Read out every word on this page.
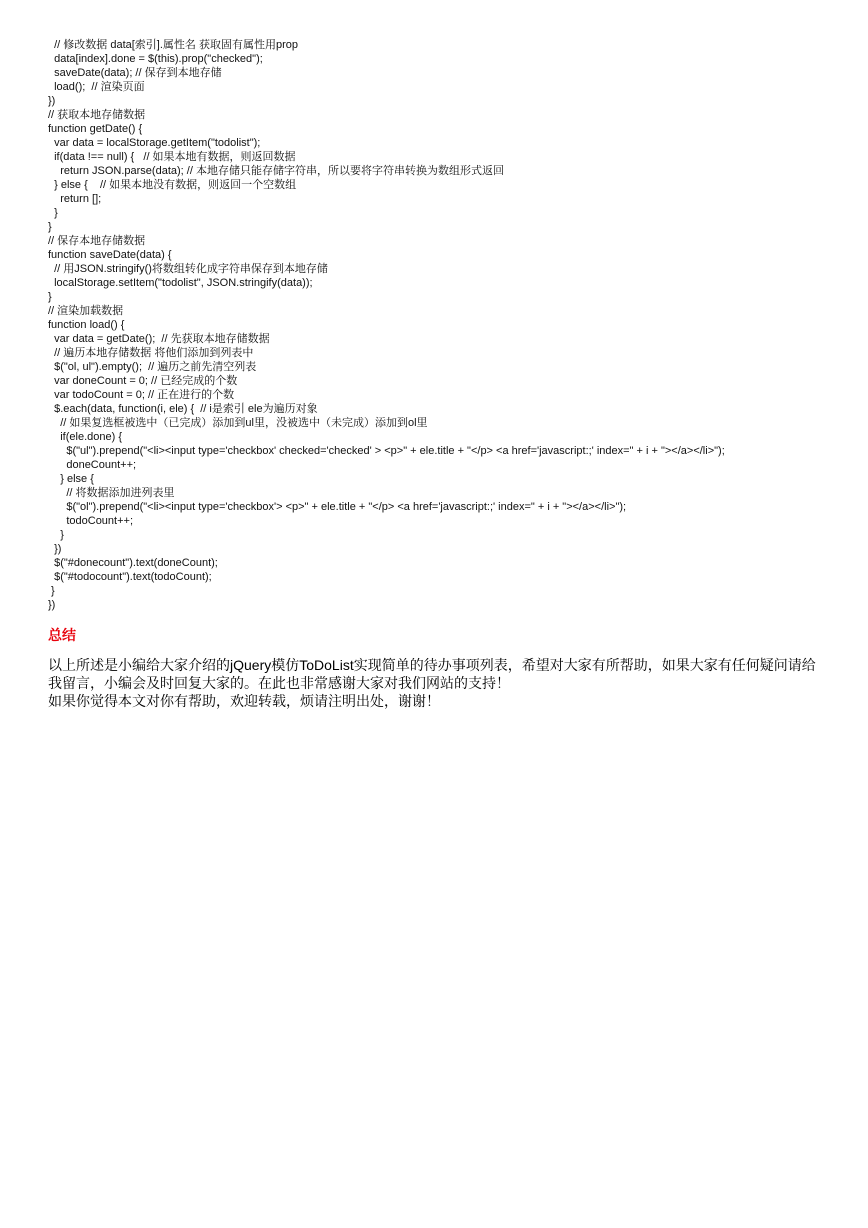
// 修改数据 data[索引].属性名 获取固有属性用prop
data[index].done = $(this).prop("checked");
saveDate(data); // 保存到本地存储
load();  // 渲染页面
})
// 获取本地存储数据
function getDate() {
var data = localStorage.getItem("todolist");
if(data !== null) {   // 如果本地有数据，则返回数据
return JSON.parse(data); // 本地存储只能存储字符串，所以要将字符串转换为数组形式返回
} else {    // 如果本地没有数据，则返回一个空数组
return [];
}
}
// 保存本地存储数据
function saveDate(data) {
// 用JSON.stringify()将数组转化成字符串保存到本地存储
localStorage.setItem("todolist", JSON.stringify(data));
}
// 渲染加载数据
function load() {
var data = getDate();  // 先获取本地存储数据
// 遍历本地存储数据 将他们添加到列表中
$("ol, ul").empty();  // 遍历之前先清空列表
var doneCount = 0; // 已经完成的个数
var todoCount = 0; // 正在进行的个数
$.each(data, function(i, ele) {  // i是索引 ele为遍历对象
// 如果复选框被选中（已完成）添加到ul里，没被选中（未完成）添加到ol里
if(ele.done) {
$("ul").prepend("<li><input type='checkbox' checked='checked' > <p>" + ele.title + "</p> <a href='javascript:;' index=" + i + "></a></li>");
doneCount++;
} else {
// 将数据添加进列表里
$("ol").prepend("<li><input type='checkbox'> <p>" + ele.title + "</p> <a href='javascript:;' index=" + i + "></a></li>");
todoCount++;
}
})
$("#donecount").text(doneCount);
$("#todocount").text(todoCount);
}
})
总结

以上所述是小编给大家介绍的jQuery模仿ToDoList实现简单的待办事项列表，希望对大家有所帮助，如果大家有任何疑问请给我留言，小编会及时回复大家的。在此也非常感谢大家对我们网站的支持！

如果你觉得本文对你有帮助，欢迎转载，烦请注明出处，谢谢！
